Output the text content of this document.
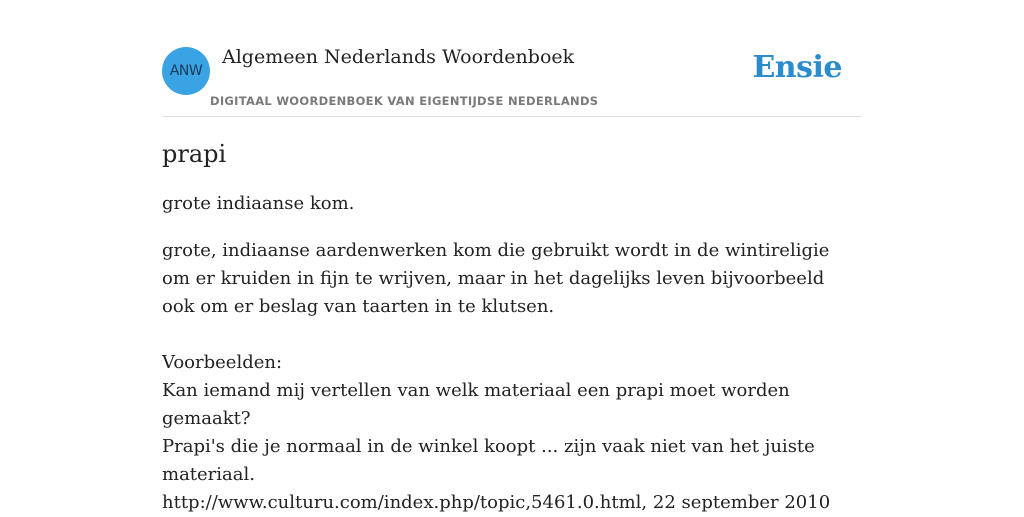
ANW
Algemeen Nederlands Woordenboek
DIGITAAL WOORDENBOEK VAN EIGENTIJDSE NEDERLANDS
Ensie
prapi

grote indiaanse kom.

grote, indiaanse aardenwerken kom die gebruikt wordt in de wintireligie om er kruiden in fijn te wrijven, maar in het dagelijks leven bijvoorbeeld ook om er beslag van taarten in te klutsen.

Voorbeelden:
Kan iemand mij vertellen van welk materiaal een prapi moet worden gemaakt?
Prapi's die je normaal in de winkel koopt ... zijn vaak niet van het juiste materiaal.
http://www.culturu.com/index.php/topic,5461.0.html, 22 september 2010
